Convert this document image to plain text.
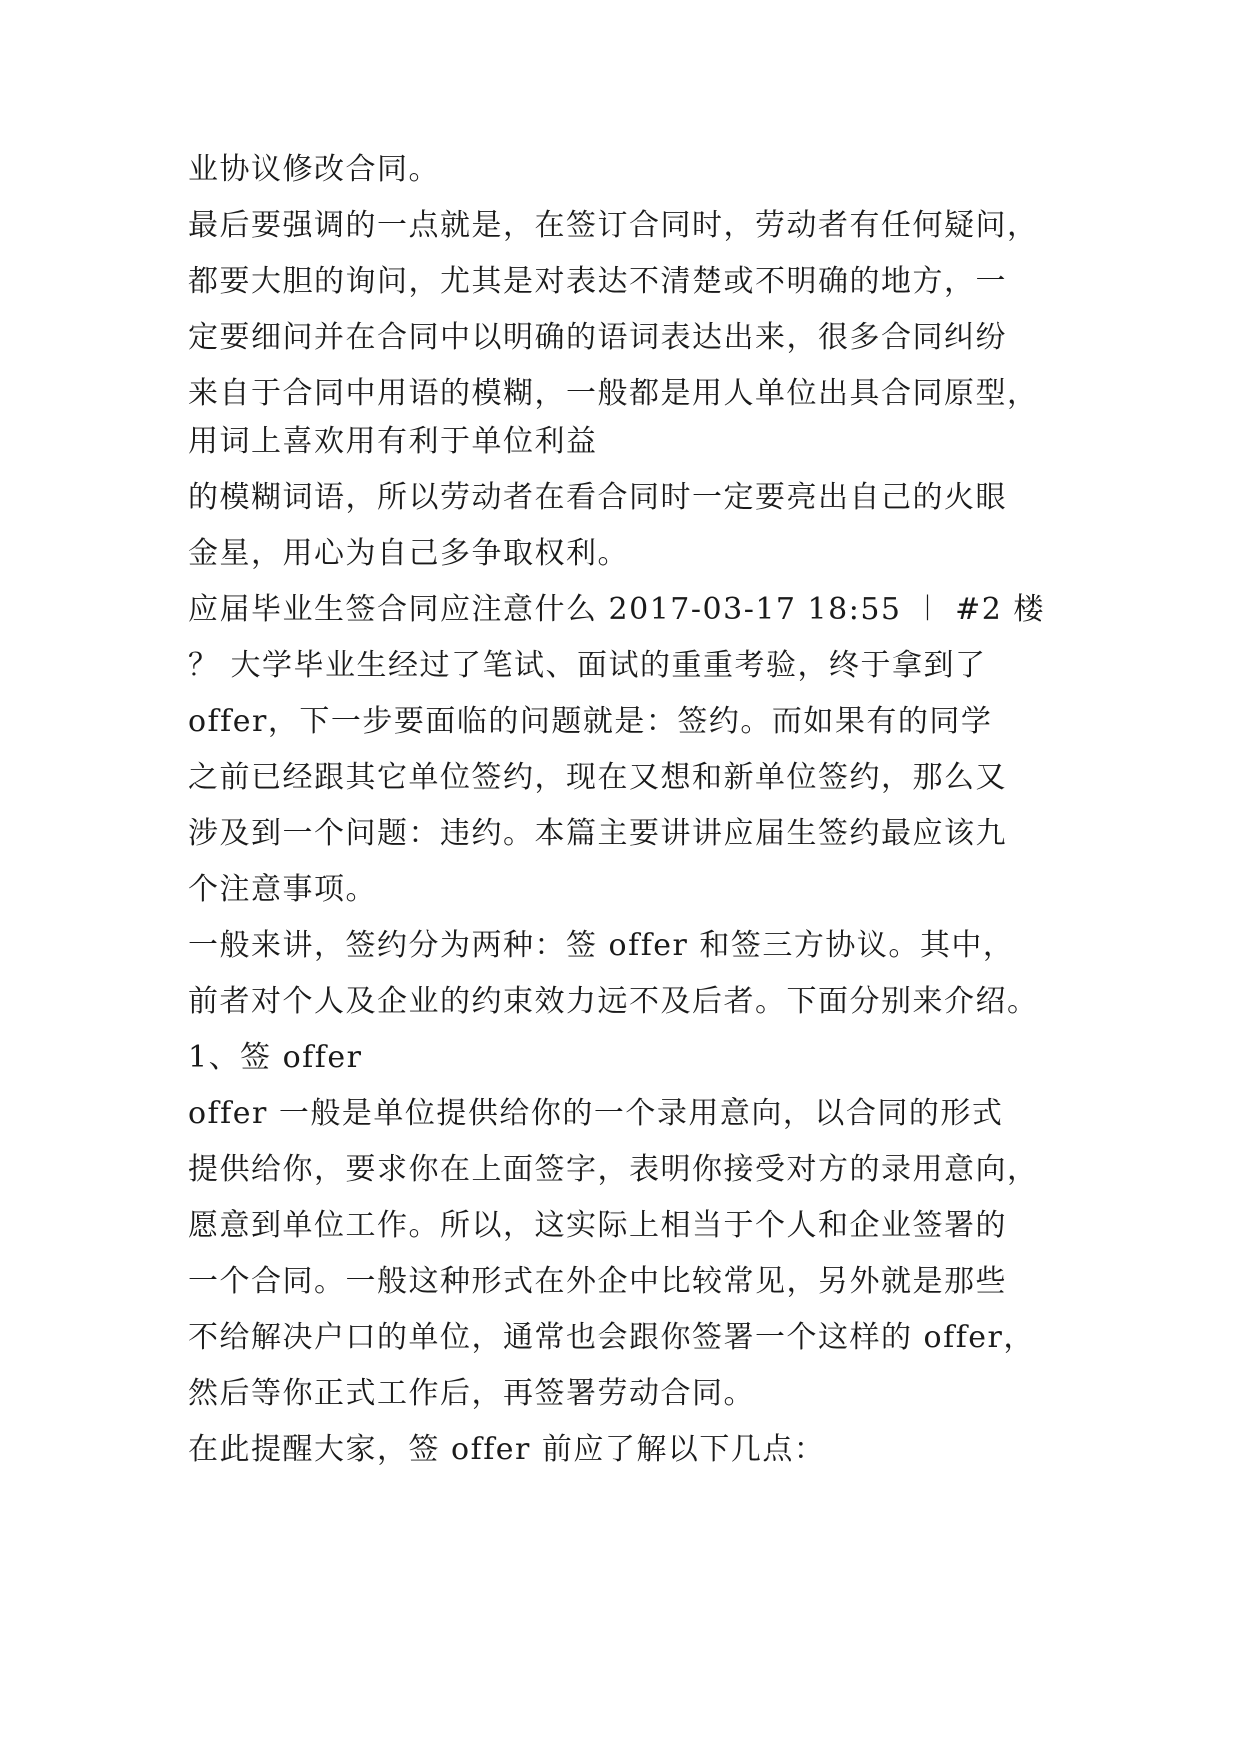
业协议修改合同。
最后要强调的一点就是，在签订合同时，劳动者有任何疑问，
都要大胆的询问，尤其是对表达不清楚或不明确的地方，一
定要细问并在合同中以明确的语词表达出来，很多合同纠纷
来自于合同中用语的模糊，一般都是用人单位出具合同原型，
用词上喜欢用有利于单位利益
的模糊词语，所以劳动者在看合同时一定要亮出自己的火眼
金星，用心为自己多争取权利。
应届毕业生签合同应注意什么 2017-03-17 18:55 ︱ #2 楼
？ 大学毕业生经过了笔试、面试的重重考验，终于拿到了
offer，下一步要面临的问题就是：签约。而如果有的同学
之前已经跟其它单位签约，现在又想和新单位签约，那么又
涉及到一个问题：违约。本篇主要讲讲应届生签约最应该九
个注意事项。
一般来讲，签约分为两种：签 offer 和签三方协议。其中，
前者对个人及企业的约束效力远不及后者。下面分别来介绍。
1、签 offer
offer 一般是单位提供给你的一个录用意向，以合同的形式
提供给你，要求你在上面签字，表明你接受对方的录用意向，
愿意到单位工作。所以，这实际上相当于个人和企业签署的
一个合同。一般这种形式在外企中比较常见，另外就是那些
不给解决户口的单位，通常也会跟你签署一个这样的 offer，
然后等你正式工作后，再签署劳动合同。
在此提醒大家，签 offer 前应了解以下几点：
